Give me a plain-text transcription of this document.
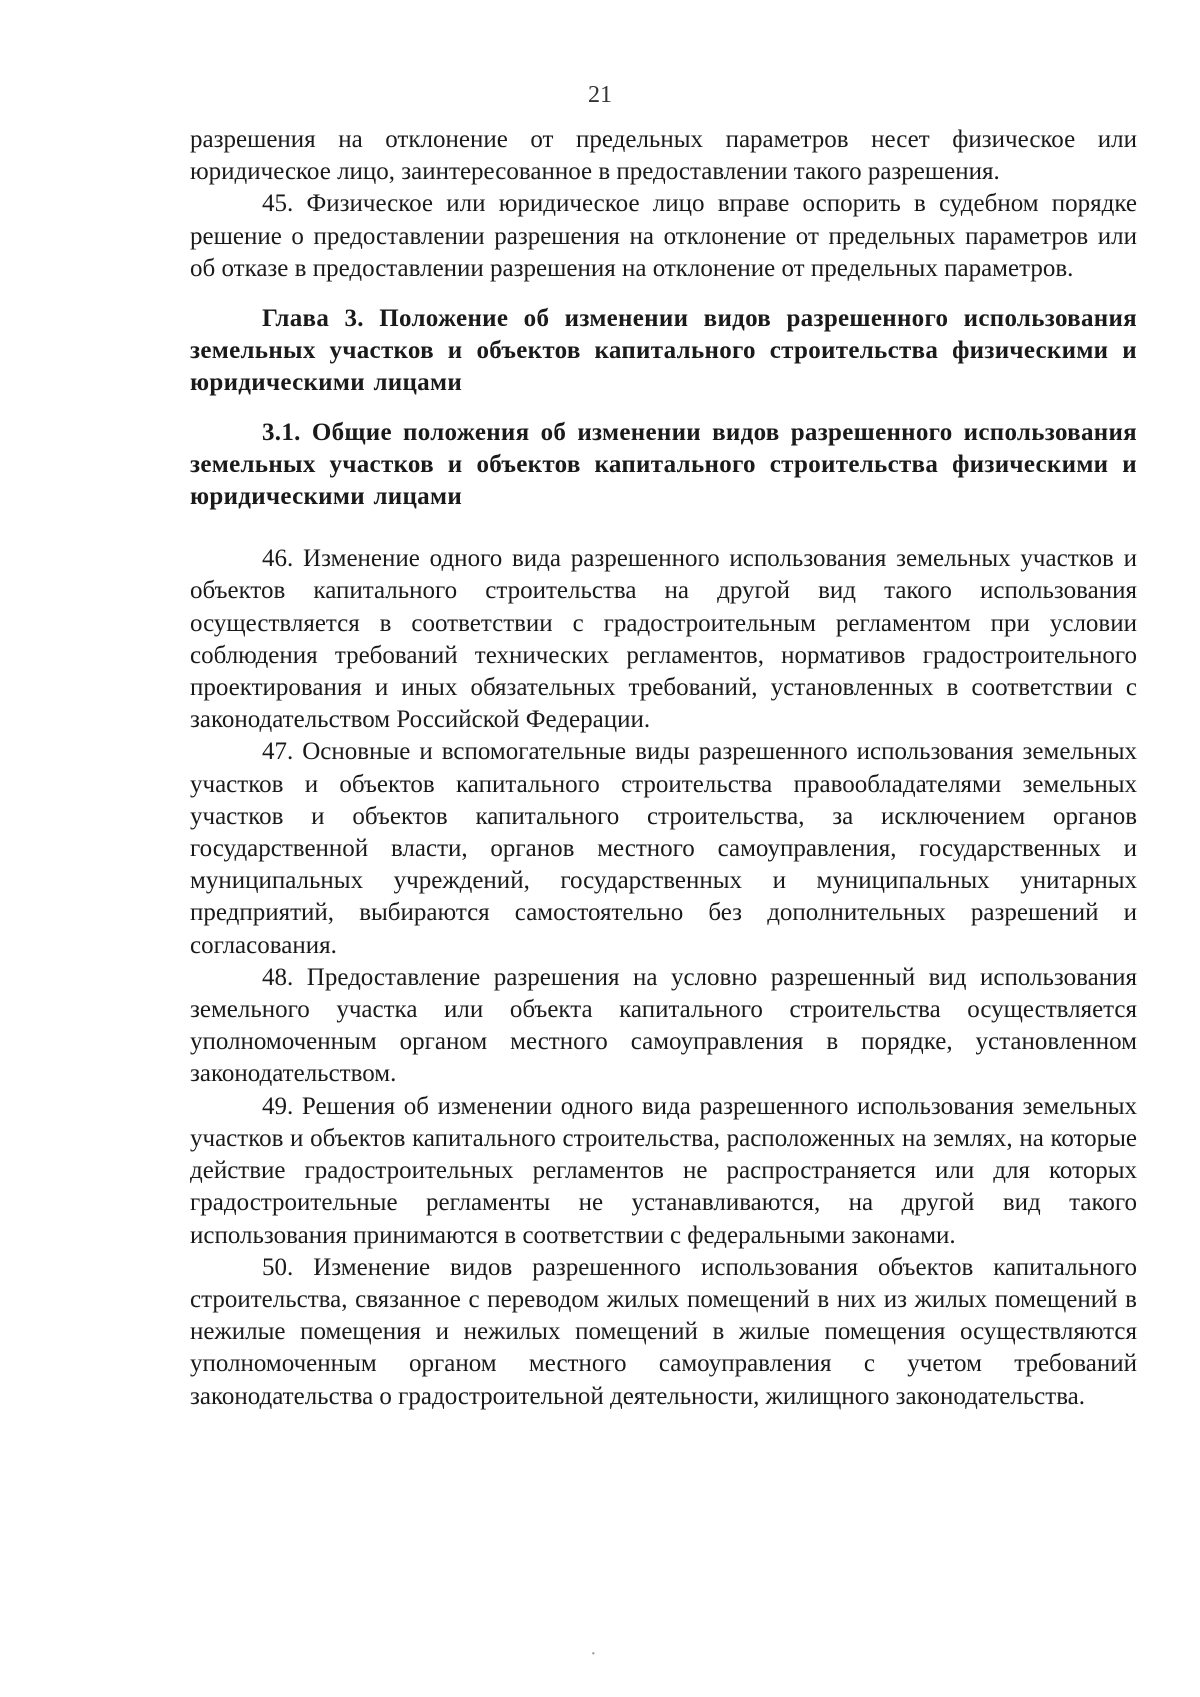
21

разрешения на отклонение от предельных параметров несет физическое или юридическое лицо, заинтересованное в предоставлении такого разрешения.

45. Физическое или юридическое лицо вправе оспорить в судебном порядке решение о предоставлении разрешения на отклонение от предельных параметров или об отказе в предоставлении разрешения на отклонение от предельных параметров.

Глава 3. Положение об изменении видов разрешенного использования земельных участков и объектов капитального строительства физическими и юридическими лицами
3.1. Общие положения об изменении видов разрешенного использования земельных участков и объектов капитального строительства физическими и юридическими лицами

46. Изменение одного вида разрешенного использования земельных участков и объектов капитального строительства на другой вид такого использования осуществляется в соответствии с градостроительным регламентом при условии соблюдения требований технических регламентов, нормативов градостроительного проектирования и иных обязательных требований, установленных в соответствии с законодательством Российской Федерации.

47. Основные и вспомогательные виды разрешенного использования земельных участков и объектов капитального строительства правообладателями земельных участков и объектов капитального строительства, за исключением органов государственной власти, органов местного самоуправления, государственных и муниципальных учреждений, государственных и муниципальных унитарных предприятий, выбираются самостоятельно без дополнительных разрешений и согласования.

48. Предоставление разрешения на условно разрешенный вид использования земельного участка или объекта капитального строительства осуществляется уполномоченным органом местного самоуправления в порядке, установленном законодательством.

49. Решения об изменении одного вида разрешенного использования земельных участков и объектов капитального строительства, расположенных на землях, на которые действие градостроительных регламентов не распространяется или для которых градостроительные регламенты не устанавливаются, на другой вид такого использования принимаются в соответствии с федеральными законами.

50. Изменение видов разрешенного использования объектов капитального строительства, связанное с переводом жилых помещений в них из жилых помещений в нежилые помещения и нежилых помещений в жилые помещения осуществляются уполномоченным органом местного самоуправления с учетом требований законодательства о градостроительной деятельности, жилищного законодательства.

·
